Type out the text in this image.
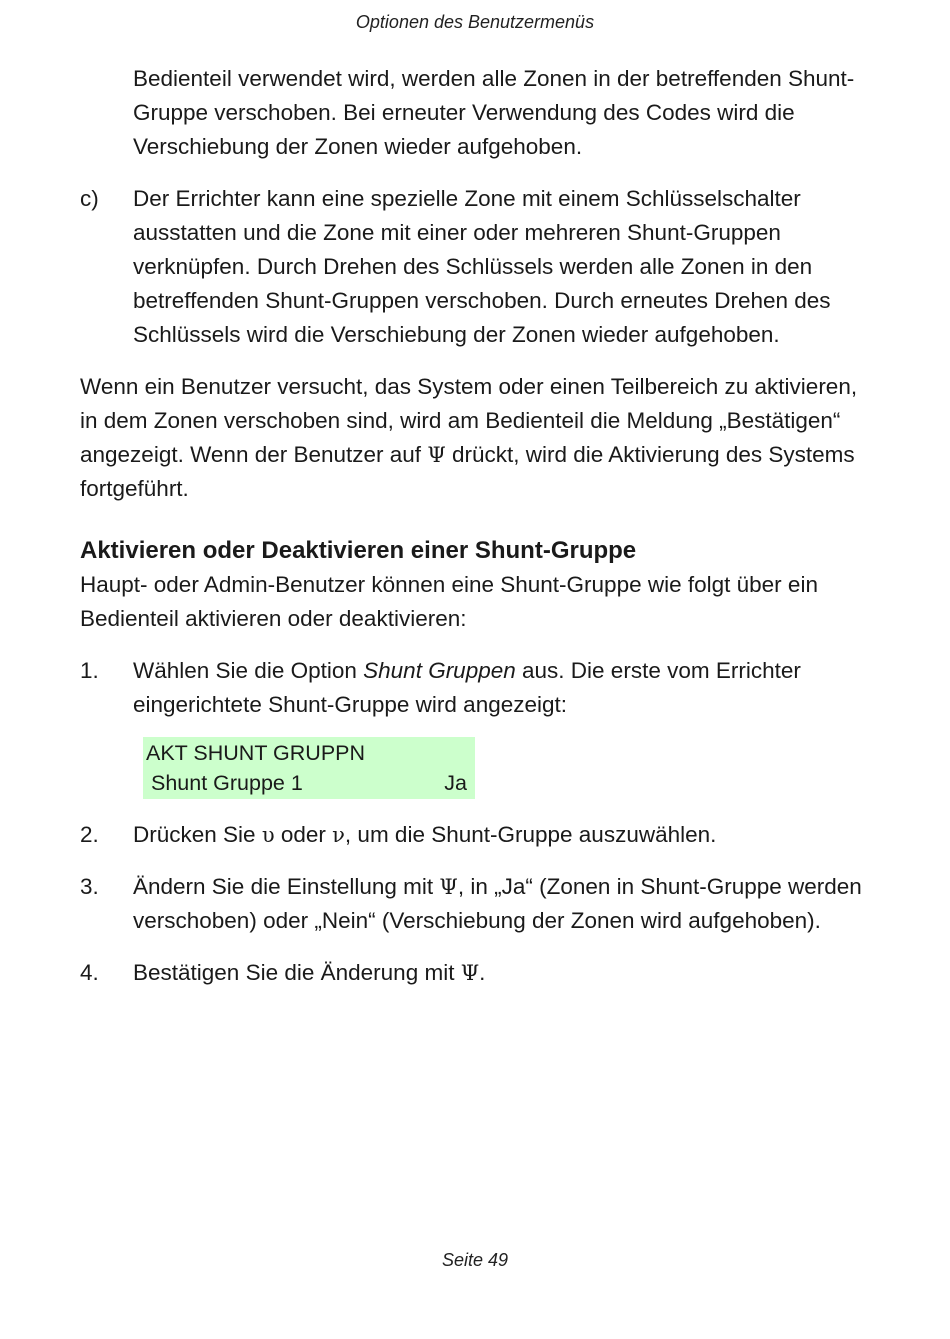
Optionen des Benutzermenüs

Bedienteil verwendet wird, werden alle Zonen in der betreffenden Shunt-Gruppe verschoben. Bei erneuter Verwendung des Codes wird die Verschiebung der Zonen wieder aufgehoben.

c)	Der Errichter kann eine spezielle Zone mit einem Schlüsselschalter ausstatten und die Zone mit einer oder mehreren Shunt-Gruppen verknüpfen. Durch Drehen des Schlüssels werden alle Zonen in den betreffenden Shunt-Gruppen verschoben. Durch erneutes Drehen des Schlüssels wird die Verschiebung der Zonen wieder aufgehoben.

Wenn ein Benutzer versucht, das System oder einen Teilbereich zu aktivieren, in dem Zonen verschoben sind, wird am Bedienteil die Meldung „Bestätigen“ angezeigt. Wenn der Benutzer auf Ψ drückt, wird die Aktivierung des Systems fortgeführt.

Aktivieren oder Deaktivieren einer Shunt-Gruppe

Haupt- oder Admin-Benutzer können eine Shunt-Gruppe wie folgt über ein Bedienteil aktivieren oder deaktivieren:

1.	Wählen Sie die Option Shunt Gruppen aus. Die erste vom Errichter eingerichtete Shunt-Gruppe wird angezeigt:
AKT SHUNT GRUPPN
Shunt Gruppe 1	Ja
2.	Drücken Sie υ oder ν, um die Shunt-Gruppe auszuwählen.
3.	Ändern Sie die Einstellung mit Ψ, in „Ja“ (Zonen in Shunt-Gruppe werden verschoben) oder „Nein“ (Verschiebung der Zonen wird aufgehoben).
4.	Bestätigen Sie die Änderung mit Ψ.
Seite 49
